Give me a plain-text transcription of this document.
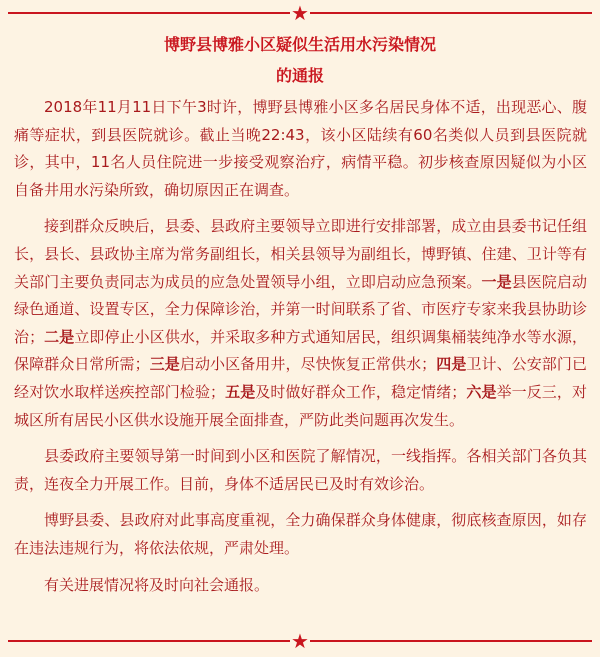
★
博野县博雅小区疑似生活用水污染情况
的通报

2018年11月11日下午3时许，博野县博雅小区多名居民身体不适，出现恶心、腹痛等症状，到县医院就诊。截止当晚22:43，该小区陆续有60名类似人员到县医院就诊，其中，11名人员住院进一步接受观察治疗，病情平稳。初步核查原因疑似为小区自备井用水污染所致，确切原因正在调查。

接到群众反映后，县委、县政府主要领导立即进行安排部署，成立由县委书记任组长，县长、县政协主席为常务副组长，相关县领导为副组长，博野镇、住建、卫计等有关部门主要负责同志为成员的应急处置领导小组，立即启动应急预案。一是县医院启动绿色通道、设置专区，全力保障诊治，并第一时间联系了省、市医疗专家来我县协助诊治；二是立即停止小区供水，并采取多种方式通知居民，组织调集桶装纯净水等水源，保障群众日常所需；三是启动小区备用井，尽快恢复正常供水；四是卫计、公安部门已经对饮水取样送疾控部门检验；五是及时做好群众工作，稳定情绪；六是举一反三，对城区所有居民小区供水设施开展全面排查，严防此类问题再次发生。

县委政府主要领导第一时间到小区和医院了解情况，一线指挥。各相关部门各负其责，连夜全力开展工作。目前，身体不适居民已及时有效诊治。

博野县委、县政府对此事高度重视，全力确保群众身体健康，彻底核查原因，如存在违法违规行为，将依法依规，严肃处理。

有关进展情况将及时向社会通报。

★
